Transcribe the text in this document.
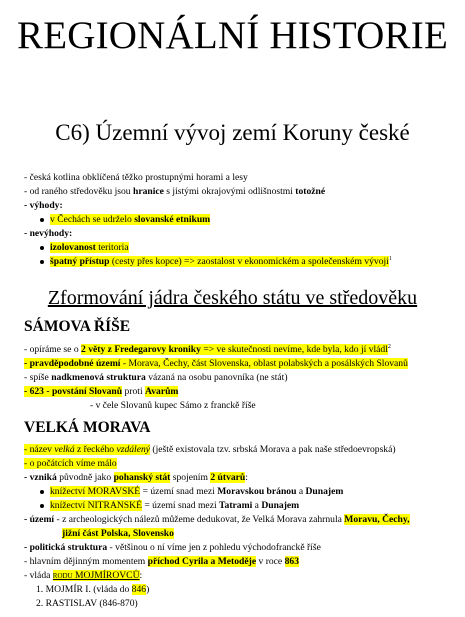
REGIONÁLNÍ HISTORIE
C6) Územní vývoj zemí Koruny české
- česká kotlina obklíčená těžko prostupnými horami a lesy
- od raného středověku jsou hranice s jistými okrajovými odlišnostmi totožné
- výhody:
v Čechách se udrželo slovanské etnikum
- nevýhody:
izolovanost teritoria
špatný přístup (cesty přes kopce) => zaostalost v ekonomickém a společenském vývoji$^1$
Zformování jádra českého státu ve středověku
SÁMOVA ŘÍŠE
- opíráme se o 2 věty z Fredegarovy kroniky => ve skutečnosti nevíme, kde byla, kdo jí vládl$^2$
- pravděpodobné území - Morava, Čechy, část Slovenska, oblast polabských a posálských Slovanů
- spíše nadkmenová struktura vázaná na osobu panovníka (ne stát)
- 623 - povstání Slovanů proti Avarům
- v čele Slovanů kupec Sámo z franckě říše
VELKÁ MORAVA
- název velká z řeckého vzdálený (ještě existovala tzv. srbská Morava a pak naše středoevropská)
- o počátcích víme málo
- vzniká původně jako pohanský stát spojením 2 útvarů:
knížectví MORAVSKÉ = území snad mezi Moravskou bránou a Dunajem
knížectví NITRANSKÉ = území snad mezi Tatrami a Dunajem
- území - z archeologických nálezů můžeme dedukovat, že Velká Morava zahrnula Moravu, Čechy,
jižní část Polska, Slovensko
- politická struktura - většinou o ní víme jen z pohledu východofranckě říše
- hlavním dějinným momentem příchod Cyrila a Metoděje v roce 863
- vláda rodu MOJMÍROVCŮ:
1. MOJMÍR I. (vláda do 846)
2. RASTISLAV (846-870)
